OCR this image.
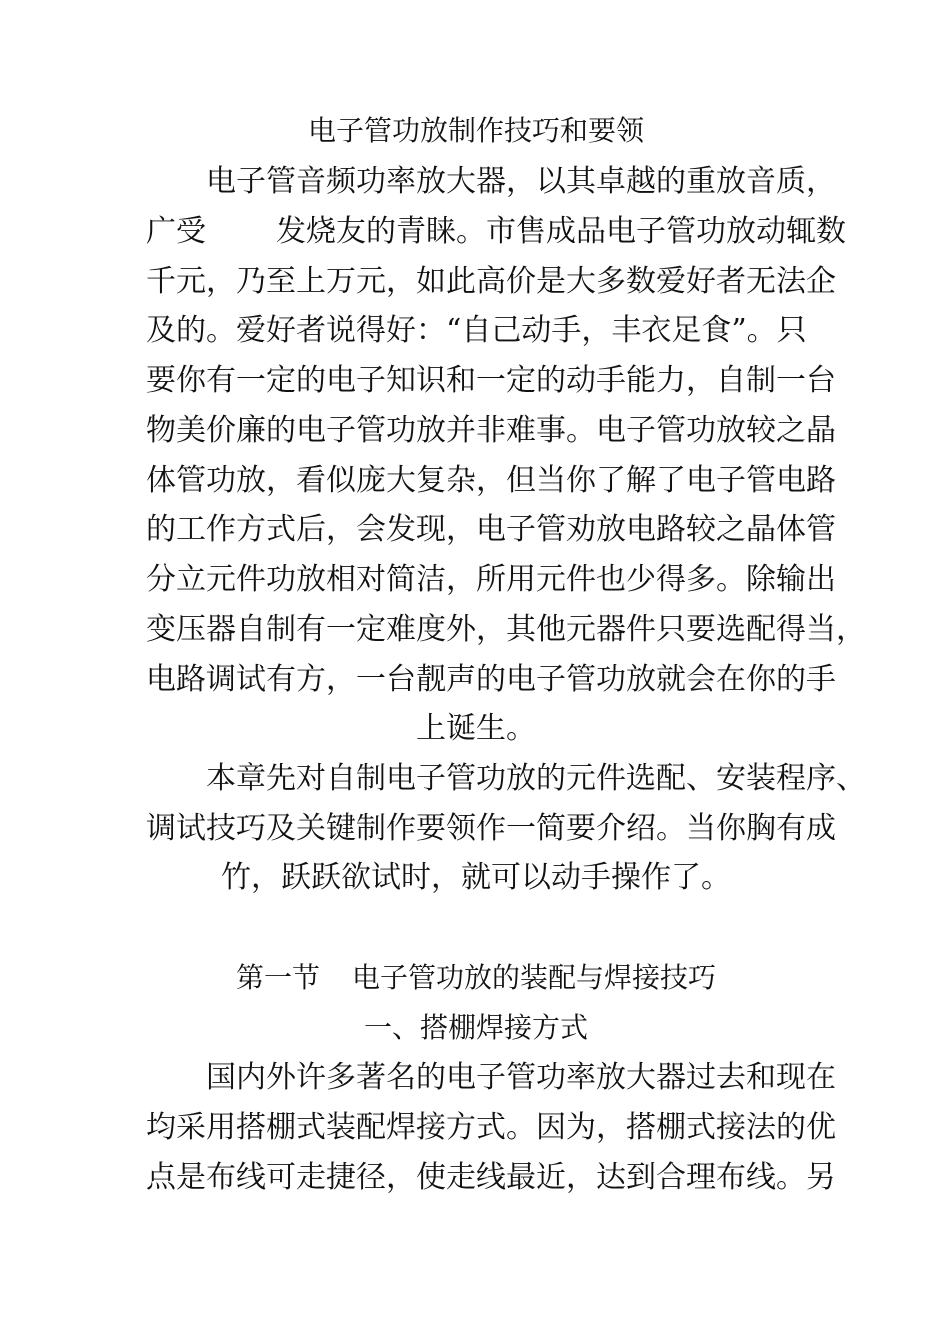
电子管功放制作技巧和要领
电子管音频功率放大器，以其卓越的重放音质，
广受 发烧友的青睐。市售成品电子管功放动辄数
千元，乃至上万元，如此高价是大多数爱好者无法企
及的。爱好者说得好：“自己动手，丰衣足食”。只
要你有一定的电子知识和一定的动手能力，自制一台
物美价廉的电子管功放并非难事。电子管功放较之晶
体管功放，看似庞大复杂，但当你了解了电子管电路
的工作方式后，会发现，电子管劝放电路较之晶体管
分立元件功放相对简洁，所用元件也少得多。除输出
变压器自制有一定难度外，其他元器件只要选配得当，
电路调试有方，一台靓声的电子管功放就会在你的手
上诞生。
本章先对自制电子管功放的元件选配、安装程序、
调试技巧及关键制作要领作一简要介绍。当你胸有成
竹，跃跃欲试时，就可以动手操作了。
第一节 电子管功放的装配与焊接技巧
一、搭棚焊接方式
国内外许多著名的电子管功率放大器过去和现在
均采用搭棚式装配焊接方式。因为，搭棚式接法的优
点是布线可走捷径，使走线最近，达到合理布线。另
